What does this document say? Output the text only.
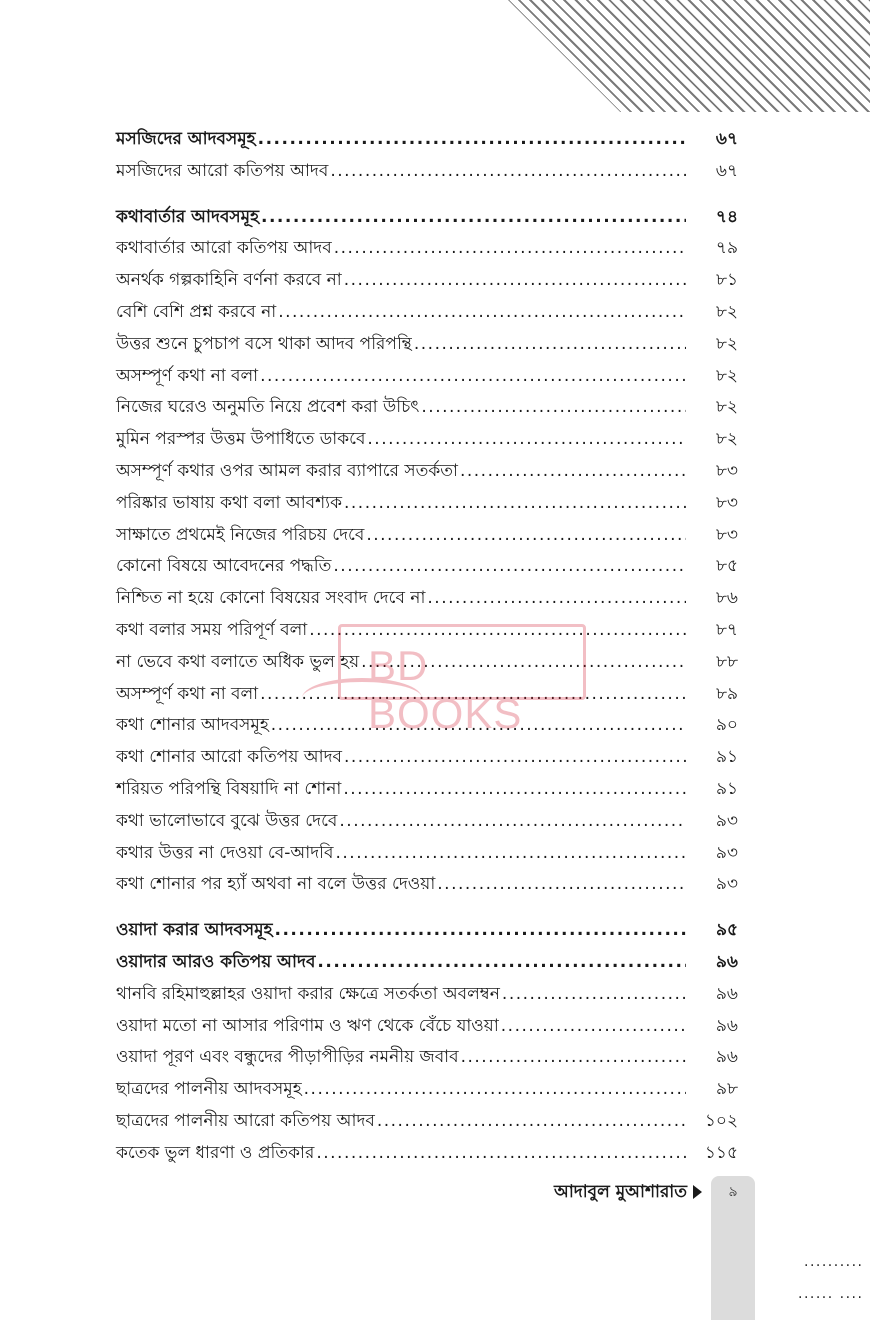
মসজিদের আদবসমূহ .....	৬৭
মসজিদের আরো কতিপয় আদব .....	৬৭
কথাবার্তার আদবসমূহ .....	৭৪
কথাবার্তার আরো কতিপয় আদব .....	৭৯
অনর্থক গল্পকাহিনি বর্ণনা করবে না .....	৮১
বেশি বেশি প্রশ্ন করবে না .....	৮২
উত্তর শুনে চুপচাপ বসে থাকা আদব পরিপন্থি .....	৮২
অসম্পূর্ণ কথা না বলা .....	৮২
নিজের ঘরেও অনুমতি নিয়ে প্রবেশ করা উচিৎ .....	৮২
মুমিন পরস্পর উত্তম উপাধিতে ডাকবে .....	৮২
অসম্পূর্ণ কথার ওপর আমল করার ব্যাপারে সতর্কতা .....	৮৩
পরিষ্কার ভাষায় কথা বলা আবশ্যক .....	৮৩
সাক্ষাতে প্রথমেই নিজের পরিচয় দেবে .....	৮৩
কোনো বিষয়ে আবেদনের পদ্ধতি .....	৮৫
নিশ্চিত না হয়ে কোনো বিষয়ের সংবাদ দেবে না .....	৮৬
কথা বলার সময় পরিপূর্ণ বলা .....	৮৭
না ভেবে কথা বলাতে অধিক ভুল হয় .....	৮৮
অসম্পূর্ণ কথা না বলা .....	৮৯
কথা শোনার আদবসমূহ .....	৯০
কথা শোনার আরো কতিপয় আদব .....	৯১
শরিয়ত পরিপন্থি বিষয়াদি না শোনা .....	৯১
কথা ভালোভাবে বুঝে উত্তর দেবে .....	৯৩
কথার উত্তর না দেওয়া বে-আদবি .....	৯৩
কথা শোনার পর হ্যাঁ অথবা না বলে উত্তর দেওয়া .....	৯৩
ওয়াদা করার আদবসমূহ .....	৯৫
ওয়াদার আরও কতিপয় আদব .....	৯৬
থানবি রহিমাহুল্লাহর ওয়াদা করার ক্ষেত্রে সতর্কতা অবলম্বন .....	৯৬
ওয়াদা মতো না আসার পরিণাম ও ঋণ থেকে বেঁচে যাওয়া .....	৯৬
ওয়াদা পূরণ এবং বন্ধুদের পীড়াপীড়ির নমনীয় জবাব .....	৯৬
ছাত্রদের পালনীয় আদবসমূহ .....	৯৮
ছাত্রদের পালনীয় আরো কতিপয় আদব .....	১০২
কতেক ভুল ধারণা ও প্রতিকার .....	১১৫
BD BOOKS
আদাবুল মুআশারাত	৯
..........
...... ....
